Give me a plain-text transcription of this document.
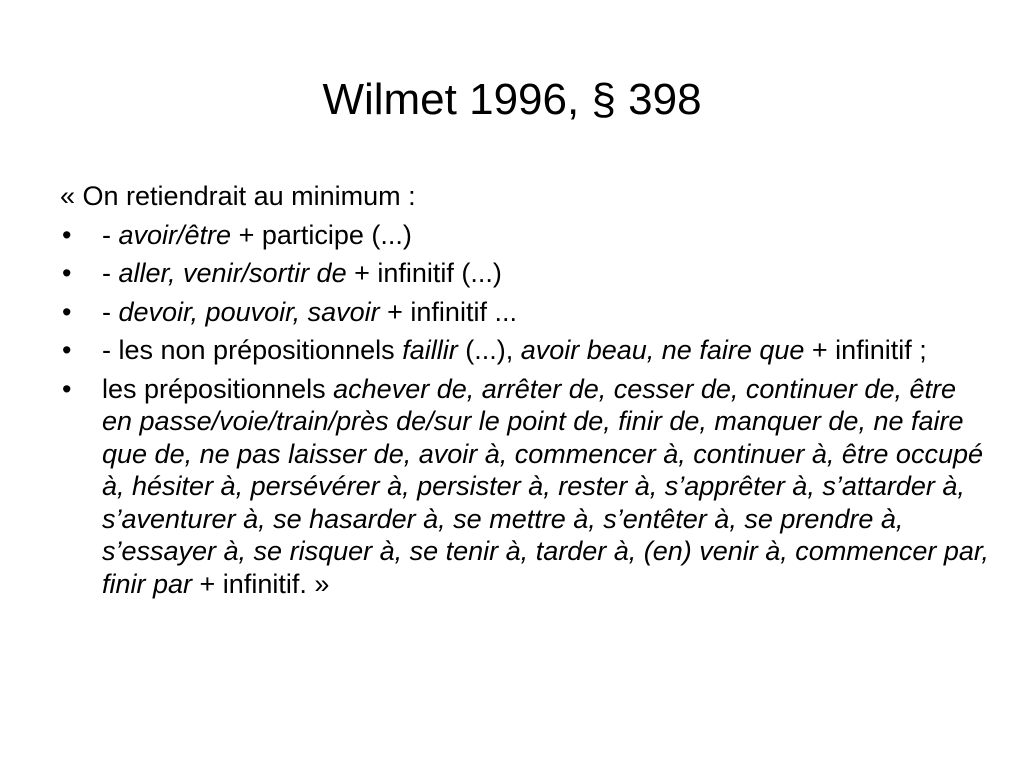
Wilmet 1996, § 398

« On retiendrait au minimum :

• - avoir/être + participe (...)
• - aller, venir/sortir de + infinitif (...)
• - devoir, pouvoir, savoir + infinitif ...
• - les non prépositionnels faillir (...), avoir beau, ne faire que + infinitif ;
• les prépositionnels achever de, arrêter de, cesser de, continuer de, être en passe/voie/train/près de/sur le point de, finir de, manquer de, ne faire que de, ne pas laisser de, avoir à, commencer à, continuer à, être occupé à, hésiter à, persévérer à, persister à, rester à, s’apprêter à, s’attarder à, s’aventurer à, se hasarder à, se mettre à, s’entêter à, se prendre à, s’essayer à, se risquer à, se tenir à, tarder à, (en) venir à, commencer par, finir par + infinitif. »
